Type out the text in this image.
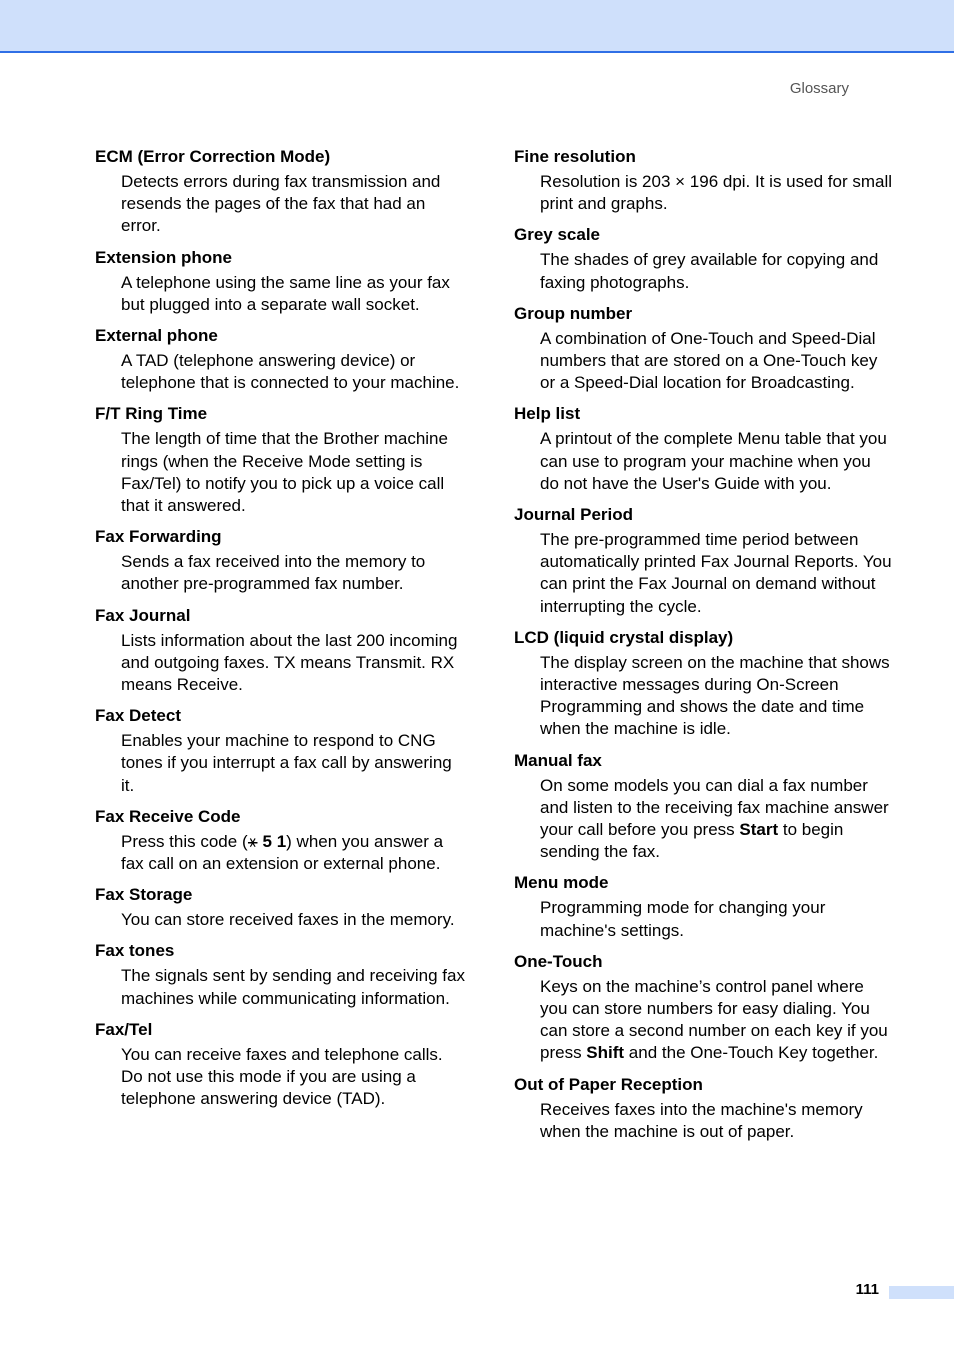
Glossary
ECM (Error Correction Mode)
Detects errors during fax transmission and resends the pages of the fax that had an error.
Extension phone
A telephone using the same line as your fax but plugged into a separate wall socket.
External phone
A TAD (telephone answering device) or telephone that is connected to your machine.
F/T Ring Time
The length of time that the Brother machine rings (when the Receive Mode setting is Fax/Tel) to notify you to pick up a voice call that it answered.
Fax Forwarding
Sends a fax received into the memory to another pre-programmed fax number.
Fax Journal
Lists information about the last 200 incoming and outgoing faxes. TX means Transmit. RX means Receive.
Fax Detect
Enables your machine to respond to CNG tones if you interrupt a fax call by answering it.
Fax Receive Code
Press this code (⚹ 5 1) when you answer a fax call on an extension or external phone.
Fax Storage
You can store received faxes in the memory.
Fax tones
The signals sent by sending and receiving fax machines while communicating information.
Fax/Tel
You can receive faxes and telephone calls. Do not use this mode if you are using a telephone answering device (TAD).
Fine resolution
Resolution is 203 × 196 dpi. It is used for small print and graphs.
Grey scale
The shades of grey available for copying and faxing photographs.
Group number
A combination of One-Touch and Speed-Dial numbers that are stored on a One-Touch key or a Speed-Dial location for Broadcasting.
Help list
A printout of the complete Menu table that you can use to program your machine when you do not have the User's Guide with you.
Journal Period
The pre-programmed time period between automatically printed Fax Journal Reports. You can print the Fax Journal on demand without interrupting the cycle.
LCD (liquid crystal display)
The display screen on the machine that shows interactive messages during On-Screen Programming and shows the date and time when the machine is idle.
Manual fax
On some models you can dial a fax number and listen to the receiving fax machine answer your call before you press Start to begin sending the fax.
Menu mode
Programming mode for changing your machine's settings.
One-Touch
Keys on the machine’s control panel where you can store numbers for easy dialing. You can store a second number on each key if you press Shift and the One-Touch Key together.
Out of Paper Reception
Receives faxes into the machine's memory when the machine is out of paper.
111
